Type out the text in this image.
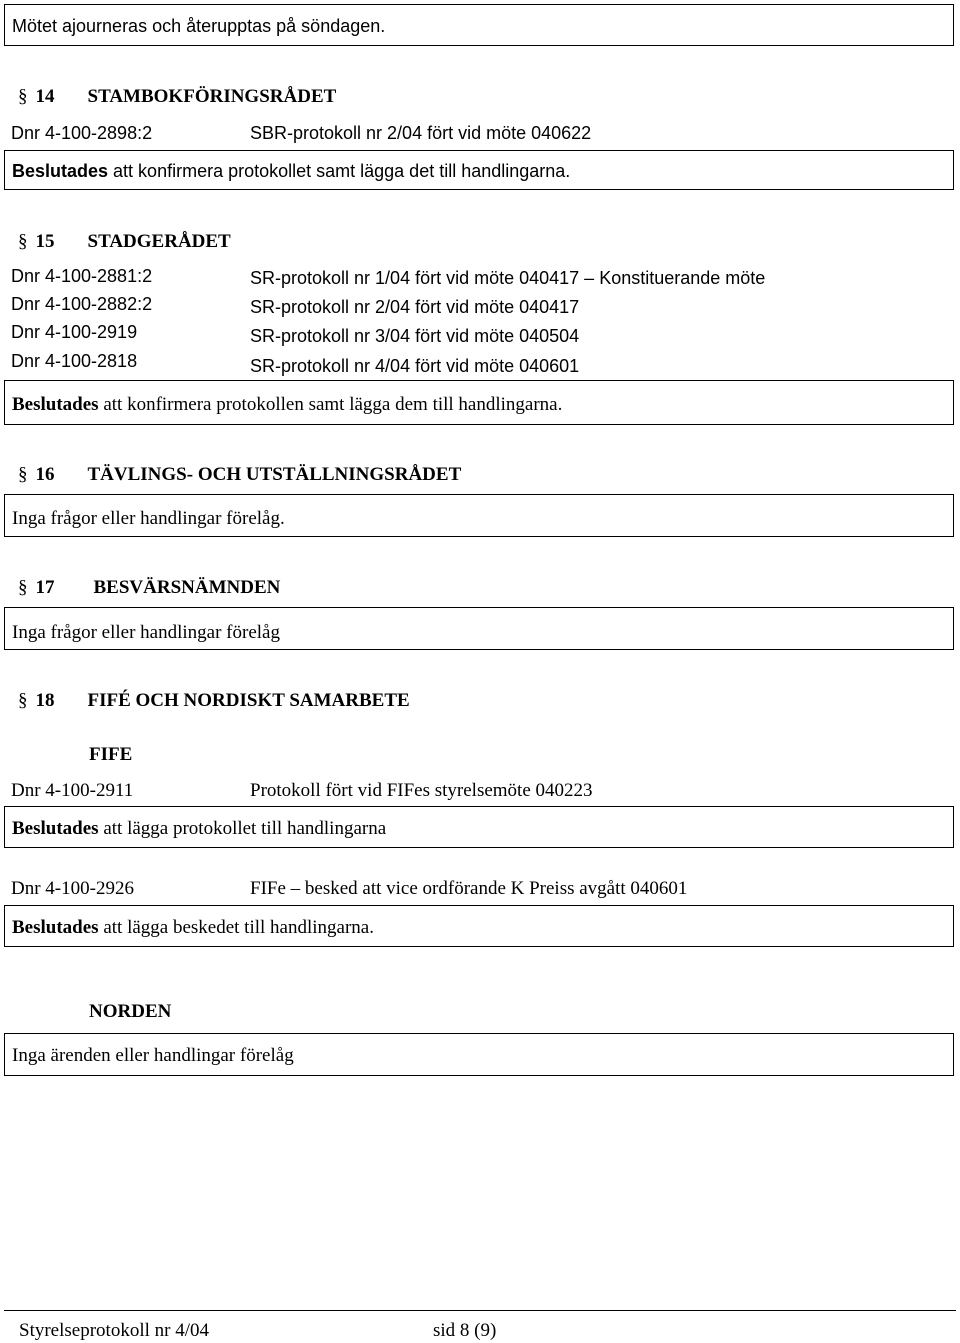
Mötet ajourneras och återupptas på söndagen.
§ 14 STAMBOKFÖRINGSRÅDET
Dnr 4-100-2898:2	SBR-protokoll nr 2/04 fört vid möte 040622
Beslutades att konfirmera protokollet samt lägga det till handlingarna.
§ 15 STADGERÅDET
Dnr 4-100-2881:2	SR-protokoll nr 1/04 fört vid möte 040417 – Konstituerande möte
Dnr 4-100-2882:2	SR-protokoll nr 2/04 fört vid möte 040417
Dnr 4-100-2919	SR-protokoll nr 3/04 fört vid möte 040504
Dnr 4-100-2818	SR-protokoll nr 4/04 fört vid möte 040601
Beslutades att konfirmera protokollen samt lägga dem till handlingarna.
§ 16 TÄVLINGS- OCH UTSTÄLLNINGSRÅDET
Inga frågor eller handlingar förelåg.
§ 17 BESVÄRSNÄMNDEN
Inga frågor eller handlingar förelåg
§ 18 FIFÉ OCH NORDISKT SAMARBETE
FIFE
Dnr 4-100-2911	Protokoll fört vid FIFes styrelsemöte 040223
Beslutades att lägga protokollet till handlingarna
Dnr 4-100-2926	FIFe – besked att vice ordförande K Preiss avgått 040601
Beslutades att lägga beskedet till handlingarna.
NORDEN
Inga ärenden eller handlingar förelåg
Styrelseprotokoll nr 4/04	sid 8 (9)
